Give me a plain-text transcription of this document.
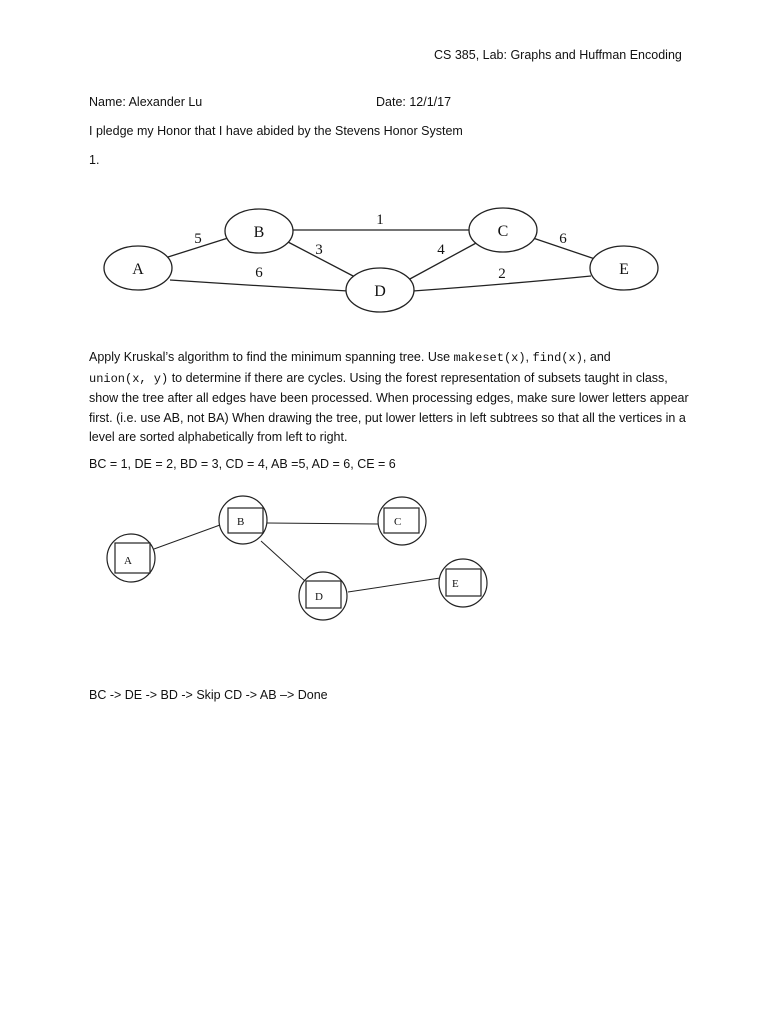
CS 385, Lab: Graphs and Huffman Encoding
Name: Alexander Lu	Date: 12/1/17
I pledge my Honor that I have abided by the Stevens Honor System
1.
A
B	C
D
E
5
6
1
3	4
6
2
Apply Kruskal’s algorithm to find the minimum spanning tree. Use makeset(x), find(x), and union(x, y) to determine if there are cycles. Using the forest representation of subsets taught in class, show the tree after all edges have been processed. When processing edges, make sure lower letters appear first. (i.e. use AB, not BA) When drawing the tree, put lower letters in left subtrees so that all the vertices in a level are sorted alphabetically from left to right.
BC = 1, DE = 2, BD = 3, CD = 4, AB =5, AD = 6, CE = 6
A
B	C
D
E
BC -> DE -> BD -> Skip CD -> AB –> Done
